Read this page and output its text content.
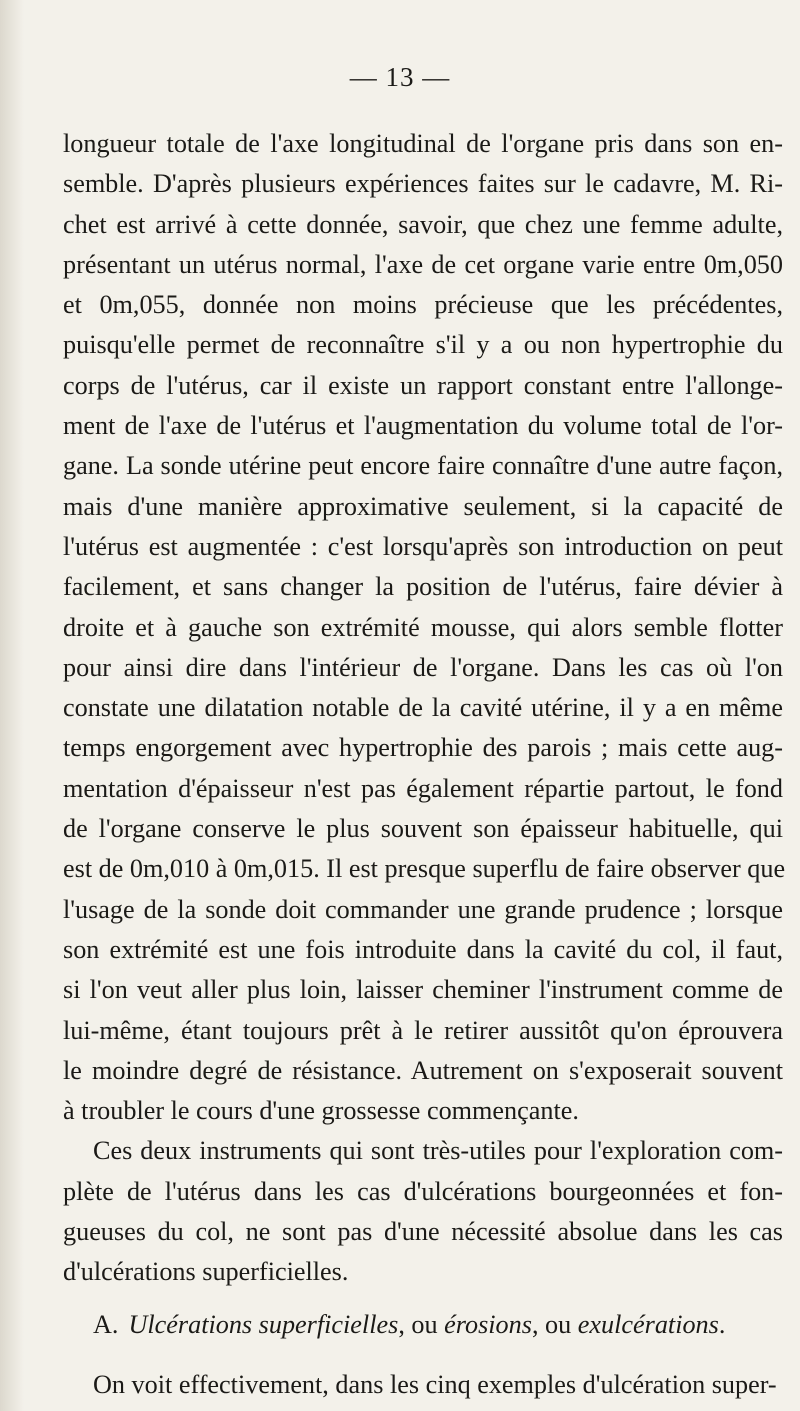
— 13 —
longueur totale de l'axe longitudinal de l'organe pris dans son en-
semble. D'après plusieurs expériences faites sur le cadavre, M. Ri-
chet est arrivé à cette donnée, savoir, que chez une femme adulte,
présentant un utérus normal, l'axe de cet organe varie entre 0m,050
et 0m,055, donnée non moins précieuse que les précédentes,
puisqu'elle permet de reconnaître s'il y a ou non hypertrophie du
corps de l'utérus, car il existe un rapport constant entre l'allonge-
ment de l'axe de l'utérus et l'augmentation du volume total de l'or-
gane. La sonde utérine peut encore faire connaître d'une autre façon,
mais d'une manière approximative seulement, si la capacité de
l'utérus est augmentée : c'est lorsqu'après son introduction on peut
facilement, et sans changer la position de l'utérus, faire dévier à
droite et à gauche son extrémité mousse, qui alors semble flotter
pour ainsi dire dans l'intérieur de l'organe. Dans les cas où l'on
constate une dilatation notable de la cavité utérine, il y a en même
temps engorgement avec hypertrophie des parois ; mais cette aug-
mentation d'épaisseur n'est pas également répartie partout, le fond
de l'organe conserve le plus souvent son épaisseur habituelle, qui
est de 0m,010 à 0m,015. Il est presque superflu de faire observer que
l'usage de la sonde doit commander une grande prudence ; lorsque
son extrémité est une fois introduite dans la cavité du col, il faut,
si l'on veut aller plus loin, laisser cheminer l'instrument comme de
lui-même, étant toujours prêt à le retirer aussitôt qu'on éprouvera
le moindre degré de résistance. Autrement on s'exposerait souvent
à troubler le cours d'une grossesse commençante.
Ces deux instruments qui sont très-utiles pour l'exploration com-
plète de l'utérus dans les cas d'ulcérations bourgeonnées et fon-
gueuses du col, ne sont pas d'une nécessité absolue dans les cas
d'ulcérations superficielles.
A. Ulcérations superficielles, ou érosions, ou exulcérations.
On voit effectivement, dans les cinq exemples d'ulcération super-
